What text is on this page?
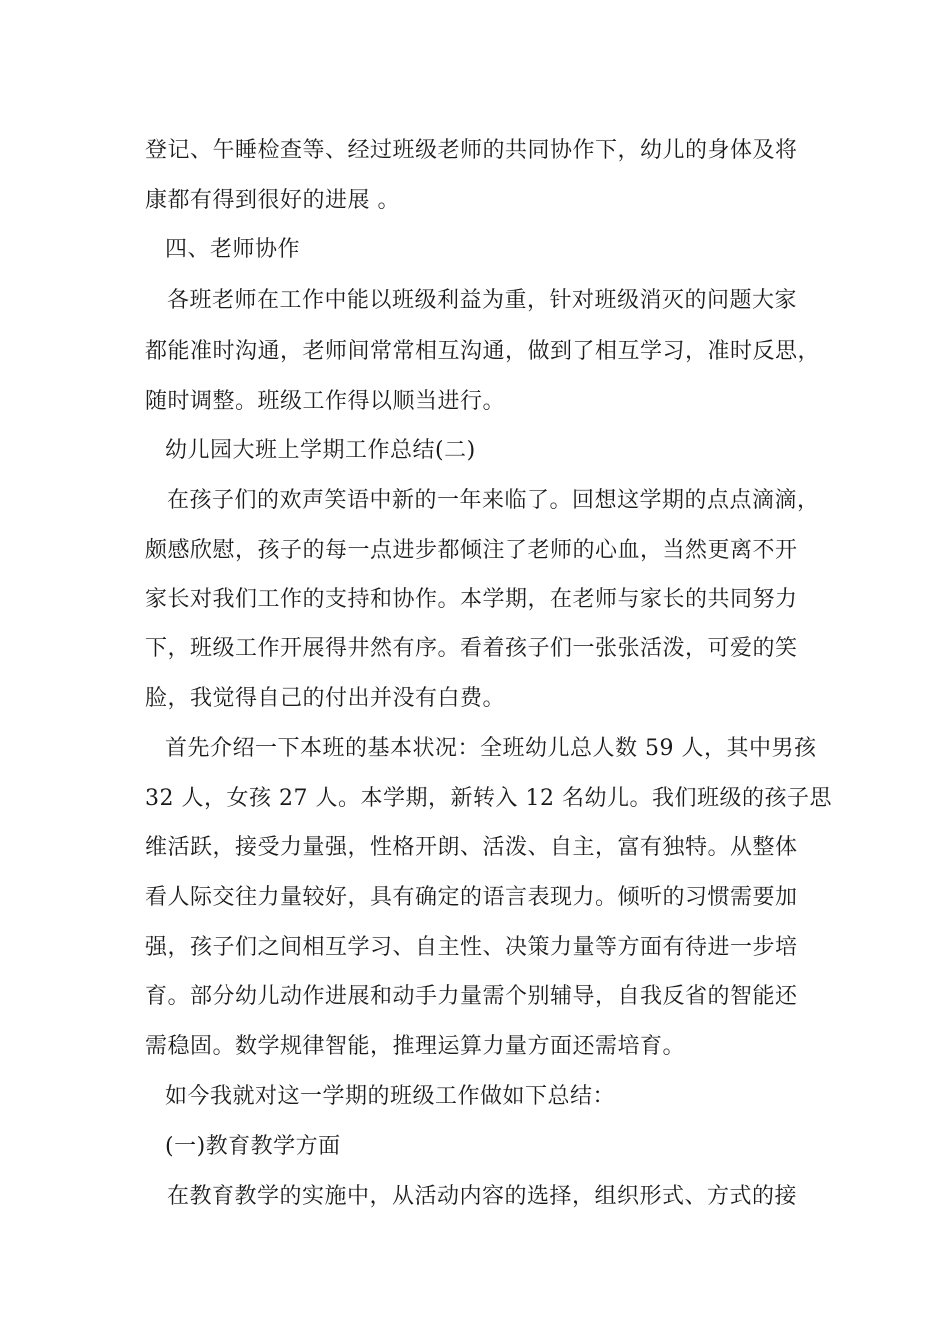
登记、午睡检查等、经过班级老师的共同协作下，幼儿的身体及将
康都有得到很好的进展 。
四、老师协作
各班老师在工作中能以班级利益为重，针对班级消灭的问题大家
都能准时沟通，老师间常常相互沟通，做到了相互学习，准时反思，
随时调整。班级工作得以顺当进行。
幼儿园大班上学期工作总结(二)
在孩子们的欢声笑语中新的一年来临了。回想这学期的点点滴滴，
颇感欣慰，孩子的每一点进步都倾注了老师的心血，当然更离不开
家长对我们工作的支持和协作。本学期，在老师与家长的共同努力
下，班级工作开展得井然有序。看着孩子们一张张活泼，可爱的笑
脸，我觉得自己的付出并没有白费。
首先介绍一下本班的基本状况：全班幼儿总人数 59 人，其中男孩
32 人，女孩 27 人。本学期，新转入 12 名幼儿。我们班级的孩子思
维活跃，接受力量强，性格开朗、活泼、自主，富有独特。从整体
看人际交往力量较好，具有确定的语言表现力。倾听的习惯需要加
强，孩子们之间相互学习、自主性、决策力量等方面有待进一步培
育。部分幼儿动作进展和动手力量需个别辅导，自我反省的智能还
需稳固。数学规律智能，推理运算力量方面还需培育。
如今我就对这一学期的班级工作做如下总结：
(一)教育教学方面
在教育教学的实施中，从活动内容的选择，组织形式、方式的接
